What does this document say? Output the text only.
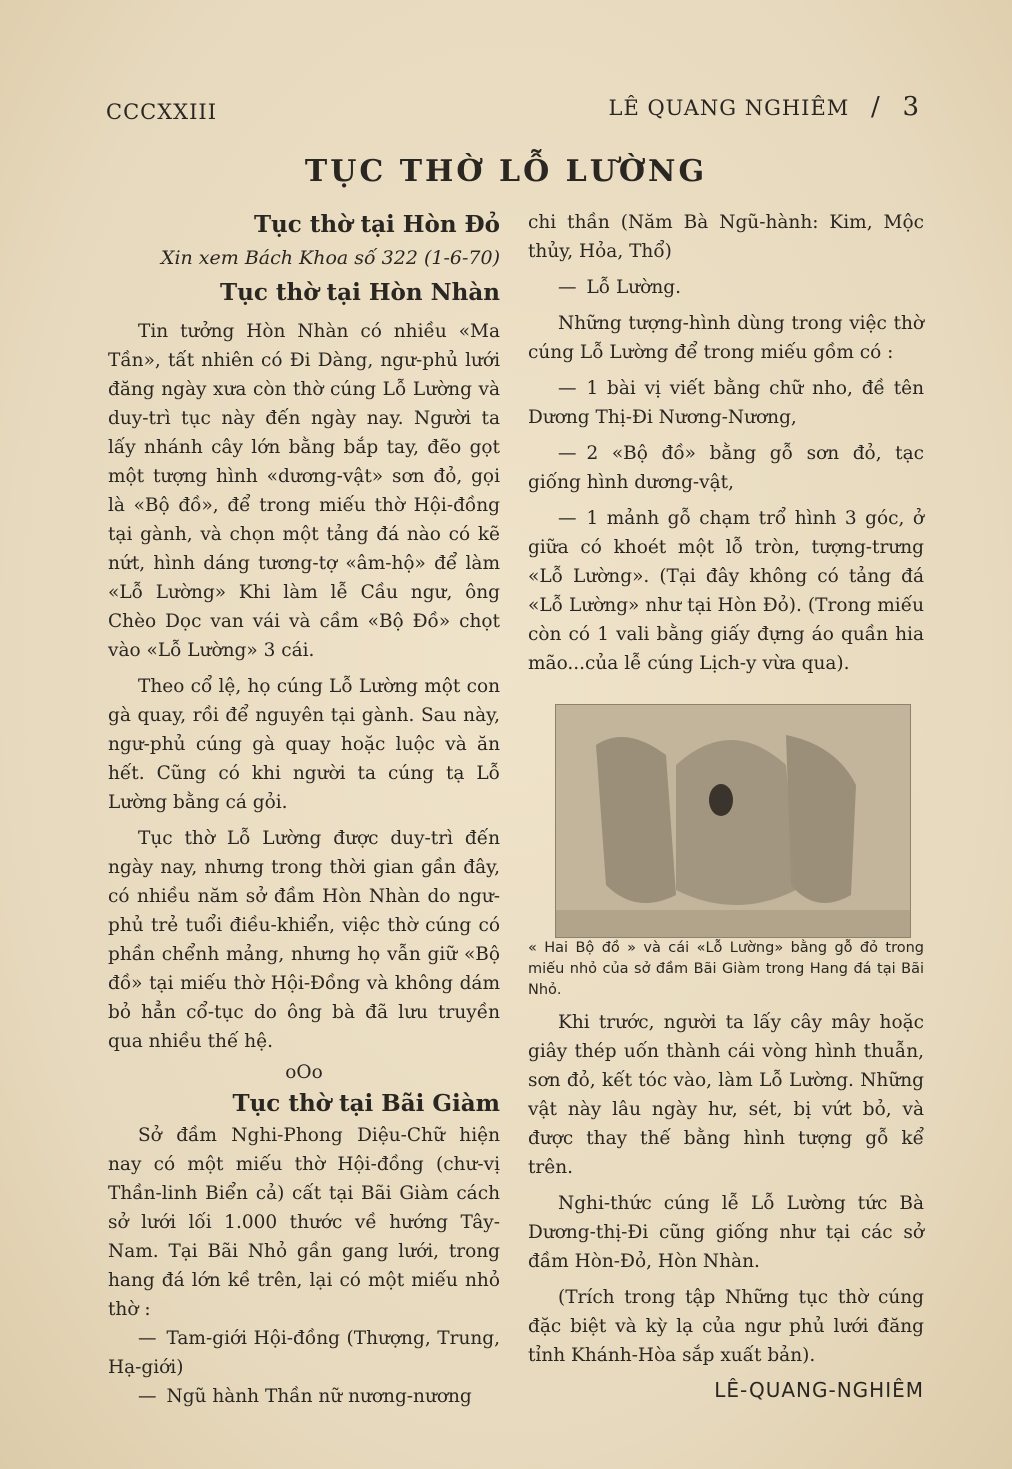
CCCXXIII	LÊ QUANG NGHIÊM / 3
TỤC THỜ LỖ LƯỜNG
Tục thờ tại Hòn Đỏ

Xin xem Bách Khoa số 322 (1-6-70)

Tục thờ tại Hòn Nhàn

Tin tưởng Hòn Nhàn có nhiều «Ma Tần», tất nhiên có Đi Dàng, ngư-phủ lưới đăng ngày xưa còn thờ cúng Lỗ Lường và duy-trì tục này đến ngày nay. Người ta lấy nhánh cây lớn bằng bắp tay, đẽo gọt một tượng hình «dương-vật» sơn đỏ, gọi là «Bộ đồ», để trong miếu thờ Hội-đồng tại gành, và chọn một tảng đá nào có kẽ nứt, hình dáng tương-tợ «âm-hộ» để làm «Lỗ Lường» Khi làm lễ Cầu ngư, ông Chèo Dọc van vái và cầm «Bộ Đồ» chọt vào «Lỗ Lường» 3 cái.

Theo cổ lệ, họ cúng Lỗ Lường một con gà quay, rồi để nguyên tại gành. Sau này, ngư-phủ cúng gà quay hoặc luộc và ăn hết. Cũng có khi người ta cúng tạ Lỗ Lường bằng cá gỏi.

Tục thờ Lỗ Lường được duy-trì đến ngày nay, nhưng trong thời gian gần đây, có nhiều năm sở đầm Hòn Nhàn do ngư-phủ trẻ tuổi điều-khiển, việc thờ cúng có phần chểnh mảng, nhưng họ vẫn giữ «Bộ đồ» tại miếu thờ Hội-Đồng và không dám bỏ hẳn cổ-tục do ông bà đã lưu truyền qua nhiều thế hệ.

oOo

Tục thờ tại Bãi Giàm

Sở đầm Nghi-Phong Diệu-Chữ hiện nay có một miếu thờ Hội-đồng (chư-vị Thần-linh Biển cả) cất tại Bãi Giàm cách sở lưới lối 1.000 thước về hướng Tây-Nam. Tại Bãi Nhỏ gần gang lưới, trong hang đá lớn kề trên, lại có một miếu nhỏ thờ :

— Tam-giới Hội-đồng (Thượng, Trung, Hạ-giới)

— Ngũ hành Thần nữ nương-nương

chi thần (Năm Bà Ngũ-hành: Kim, Mộc thủy, Hỏa, Thổ)

— Lỗ Lường.

Những tượng-hình dùng trong việc thờ cúng Lỗ Lường để trong miếu gồm có :

— 1 bài vị viết bằng chữ nho, đề tên Dương Thị-Đi Nương-Nương,

— 2 «Bộ đồ» bằng gỗ sơn đỏ, tạc giống hình dương-vật,

— 1 mảnh gỗ chạm trổ hình 3 góc, ở giữa có khoét một lỗ tròn, tượng-trưng «Lỗ Lường». (Tại đây không có tảng đá «Lỗ Lường» như tại Hòn Đỏ). (Trong miếu còn có 1 vali bằng giấy đựng áo quần hia mão...của lễ cúng Lịch-y vừa qua).

« Hai Bộ đồ » và cái «Lỗ Lường» bằng gỗ đỏ trong miếu nhỏ của sở đầm Bãi Giàm trong Hang đá tại Bãi Nhỏ.

Khi trước, người ta lấy cây mây hoặc giây thép uốn thành cái vòng hình thuẫn, sơn đỏ, kết tóc vào, làm Lỗ Lường. Những vật này lâu ngày hư, sét, bị vứt bỏ, và được thay thế bằng hình tượng gỗ kể trên.

Nghi-thức cúng lễ Lỗ Lường tức Bà Dương-thị-Đi cũng giống như tại các sở đầm Hòn-Đỏ, Hòn Nhàn.

(Trích trong tập Những tục thờ cúng đặc biệt và kỳ lạ của ngư phủ lưới đăng tỉnh Khánh-Hòa sắp xuất bản).

LÊ-QUANG-NGHIÊM
